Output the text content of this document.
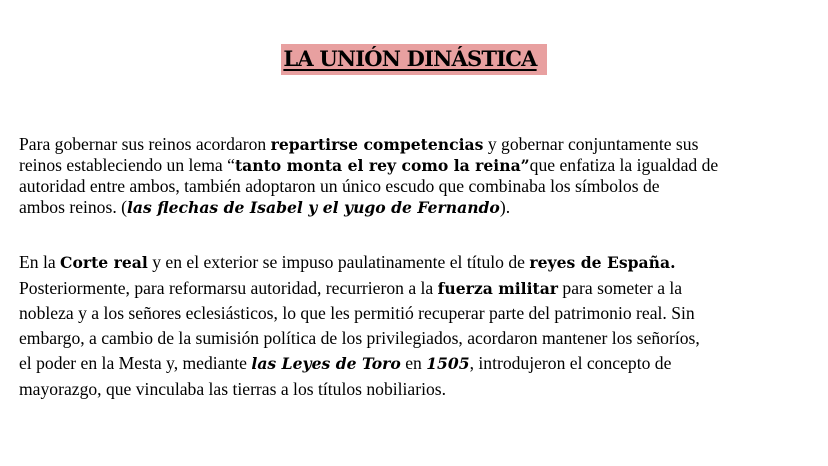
LA UNIÓN DINÁSTICA
Para gobernar sus reinos acordaron repartirse competencias y gobernar conjuntamente sus
reinos estableciendo un lema “tanto monta el rey como la reina”que enfatiza la igualdad de
autoridad entre ambos, también adoptaron un único escudo que combinaba los símbolos de
ambos reinos. (las flechas de Isabel y el yugo de Fernando).
En la Corte real y en el exterior se impuso paulatinamente el título de reyes de España.
Posteriormente, para reformarsu autoridad, recurrieron a la fuerza militar para someter a la
nobleza y a los señores eclesiásticos, lo que les permitió recuperar parte del patrimonio real. Sin
embargo, a cambio de la sumisión política de los privilegiados, acordaron mantener los señoríos,
el poder en la Mesta y, mediante las Leyes de Toro en 1505, introdujeron el concepto de
mayorazgo, que vinculaba las tierras a los títulos nobiliarios.
